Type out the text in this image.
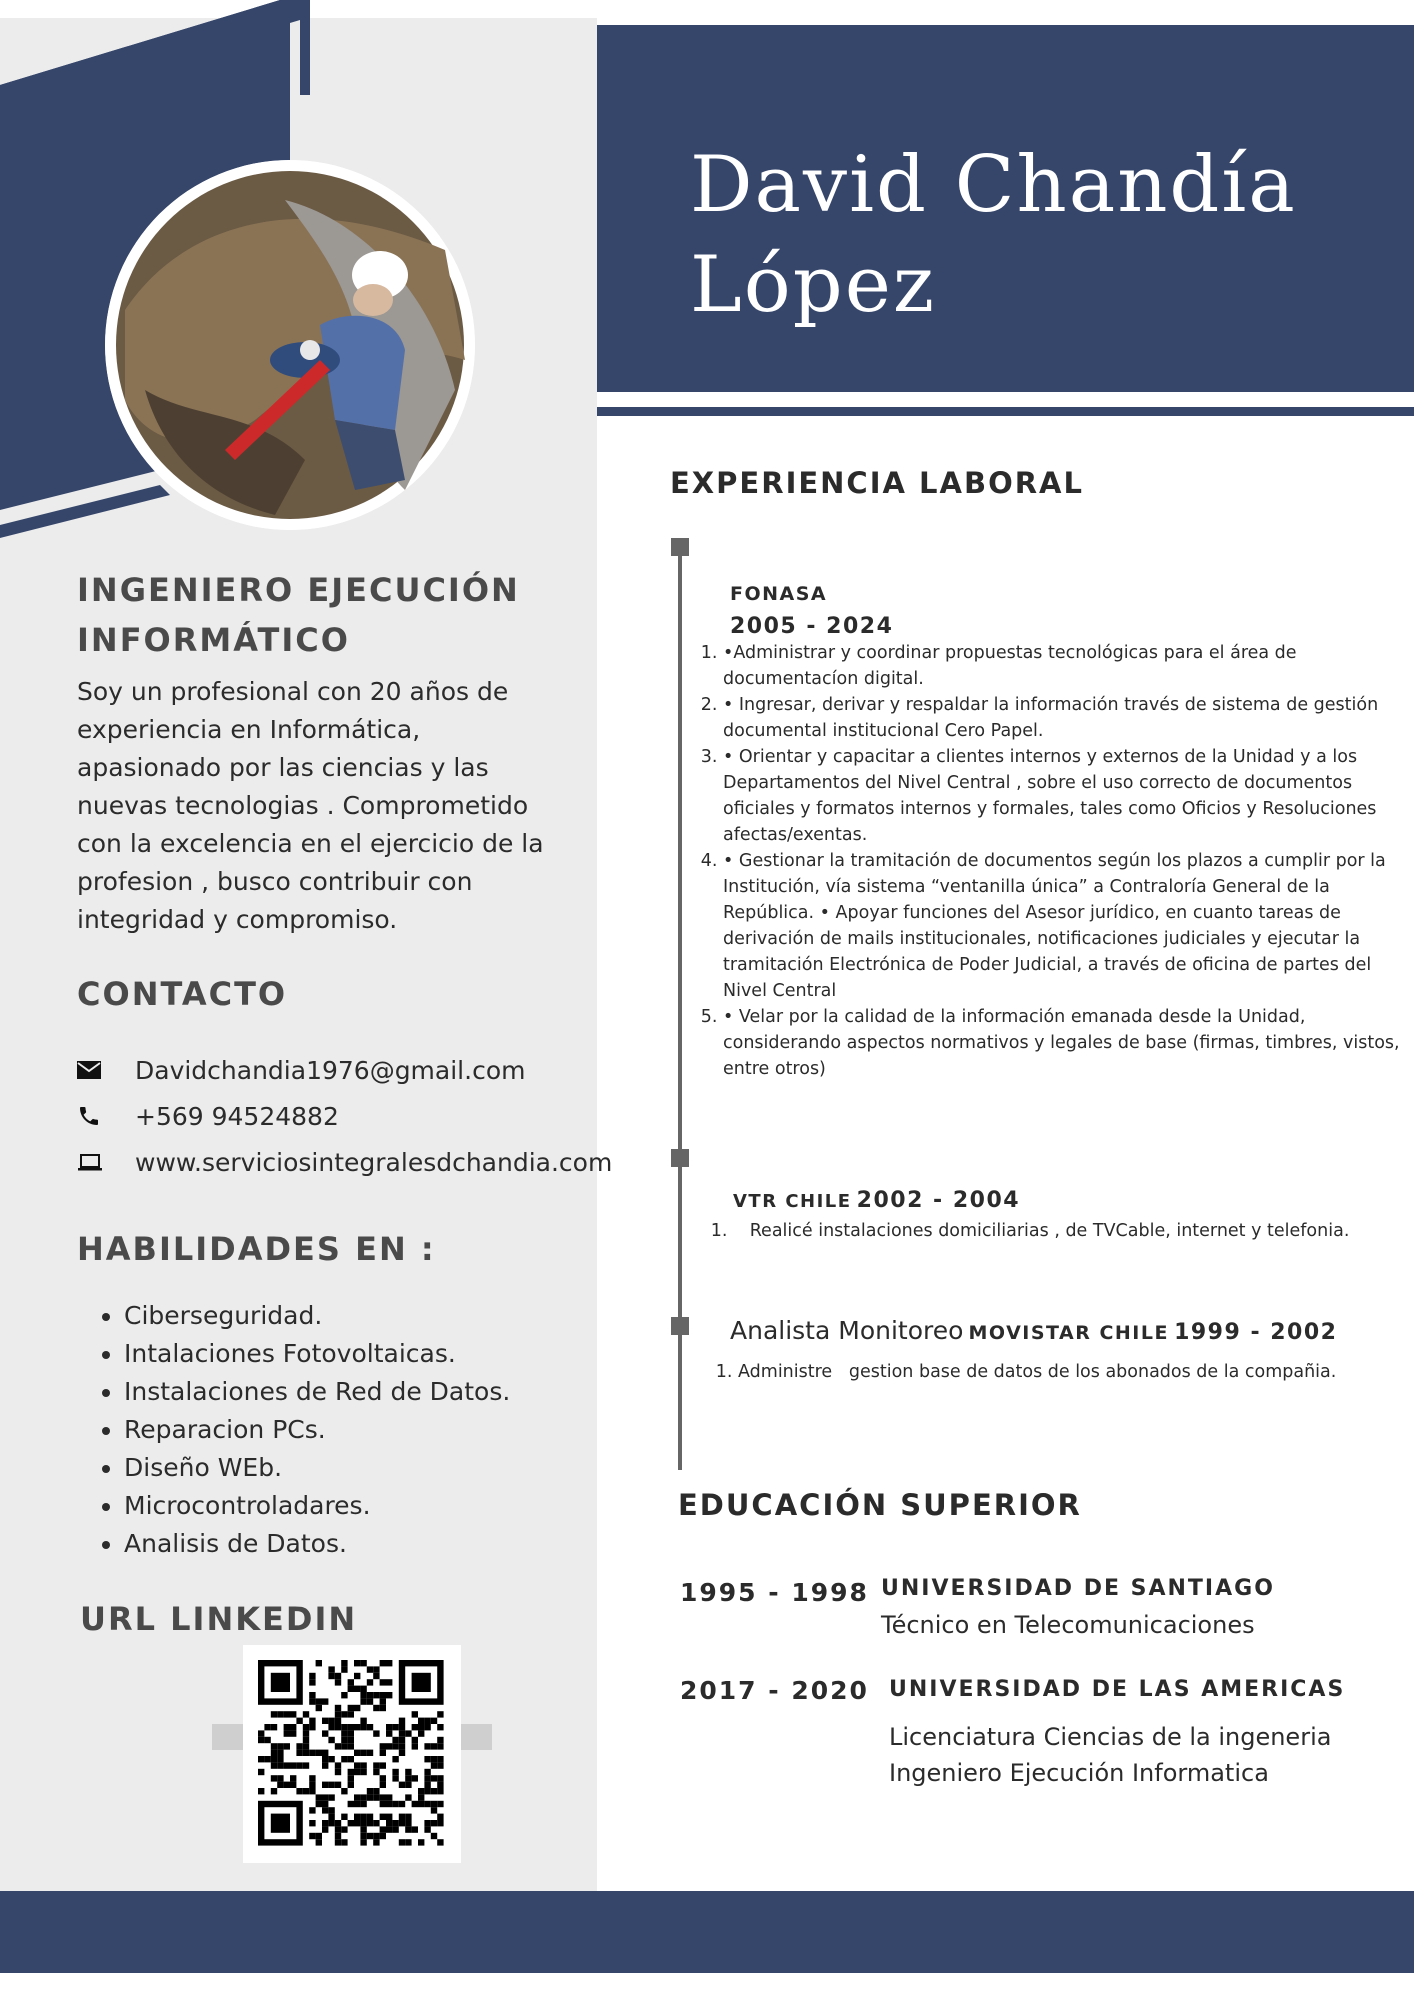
David Chandía
López
INGENIERO EJECUCIÓN
INFORMÁTICO
Soy un profesional con 20 años de experiencia en Informática, apasionado por las ciencias y las nuevas tecnologias . Comprometido con la excelencia en el ejercicio de la profesion , busco contribuir con integridad y compromiso.
CONTACTO
Davidchandia1976@gmail.com
+569 94524882
www.serviciosintegralesdchandia.com
HABILIDADES EN :
• Ciberseguridad.
• Intalaciones Fotovoltaicas.
• Instalaciones de Red de Datos.
• Reparacion PCs.
• Diseño WEb.
• Microcontroladares.
• Analisis de Datos.
URL LINKEDIN
EXPERIENCIA LABORAL
FONASA
2005 - 2024
1. •Administrar y coordinar propuestas tecnológicas para el área de documentacíon digital.
2. • Ingresar, derivar y respaldar la información través de sistema de gestión documental institucional Cero Papel.
3. • Orientar y capacitar a clientes internos y externos de la Unidad y a los Departamentos del Nivel Central , sobre el uso correcto de documentos oficiales y formatos internos y formales, tales como Oficios y Resoluciones afectas/exentas.
4. • Gestionar la tramitación de documentos según los plazos a cumplir por la Institución, vía sistema “ventanilla única” a Contraloría General de la República. • Apoyar funciones del Asesor jurídico, en cuanto tareas de derivación de mails institucionales, notificaciones judiciales y ejecutar la tramitación Electrónica de Poder Judicial, a través de oficina de partes del Nivel Central
5. • Velar por la calidad de la información emanada desde la Unidad, considerando aspectos normativos y legales de base (firmas, timbres, vistos, entre otros)
VTR CHILE 2002 - 2004
1.    Realicé instalaciones domiciliarias , de TVCable, internet y telefonia.
Analista Monitoreo MOVISTAR CHILE 1999 - 2002
1. Administre   gestion base de datos de los abonados de la compañia.
EDUCACIÓN SUPERIOR
1995 - 1998 UNIVERSIDAD DE SANTIAGO
Técnico en Telecomunicaciones
2017 - 2020 UNIVERSIDAD DE LAS AMERICAS
Licenciatura Ciencias de la ingeneria
Ingeniero Ejecución Informatica
